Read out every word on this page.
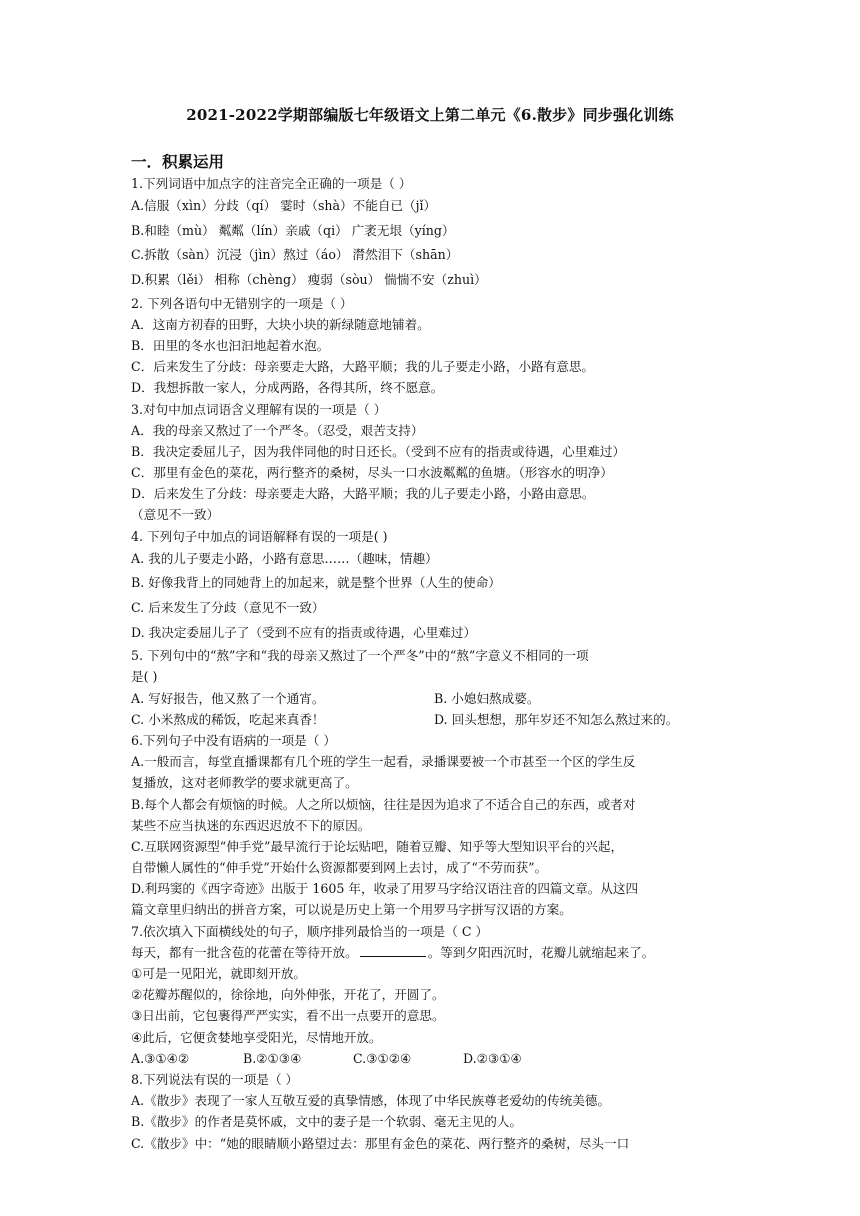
2021-2022学期部编版七年级语文上第二单元《6.散步》同步强化训练
一．积累运用
1.下列词语中加点字的注音完全正确的一项是（ ）
A.信服（xìn）分歧（qí） 霎时（shà）不能自已（jǐ）
B.和睦（mù） 粼粼（lín）亲戚（qi） 广袤无垠（yíng）
C.拆散（sàn）沉浸（jìn）熬过（áo） 潸然泪下（shān）
D.积累（lěi） 相称（chèng） 瘦弱（sòu） 惴惴不安（zhuì）
2. 下列各语句中无错别字的一项是（ ）
A．这南方初春的田野，大块小块的新绿随意地铺着。
B．田里的冬水也汩汩地起着水泡。
C．后来发生了分歧：母亲要走大路，大路平顺；我的儿子要走小路，小路有意思。
D．我想拆散一家人，分成两路，各得其所，终不愿意。
3.对句中加点词语含义理解有误的一项是（ ）
A．我的母亲又熬过了一个严冬。（忍受，艰苦支持）
B．我决定委屈儿子，因为我伴同他的时日还长。（受到不应有的指责或待遇，心里难过）
C．那里有金色的菜花，两行整齐的桑树，尽头一口水波粼粼的鱼塘。（形容水的明净）
D．后来发生了分歧：母亲要走大路，大路平顺；我的儿子要走小路，小路由意思。
（意见不一致）
4. 下列句子中加点的词语解释有误的一项是( )
A. 我的儿子要走小路，小路有意思……（趣味，情趣）
B. 好像我背上的同她背上的加起来，就是整个世界（人生的使命）
C. 后来发生了分歧（意见不一致）
D. 我决定委屈儿子了（受到不应有的指责或待遇，心里难过）
5. 下列句中的“熬”字和“我的母亲又熬过了一个严冬”中的“熬”字意义不相同的一项
是( )
A. 写好报告，他又熬了一个通宵。	B. 小媳妇熬成婆。
C. 小米熬成的稀饭，吃起来真香！	D. 回头想想，那年岁还不知怎么熬过来的。
6.下列句子中没有语病的一项是（ ）
A.一般而言，每堂直播课都有几个班的学生一起看，录播课要被一个市甚至一个区的学生反
复播放，这对老师教学的要求就更高了。
B.每个人都会有烦恼的时候。人之所以烦恼，往往是因为追求了不适合自己的东西，或者对
某些不应当执迷的东西迟迟放不下的原因。
C.互联网资源型“伸手党”最早流行于论坛贴吧，随着豆瓣、知乎等大型知识平台的兴起，
自带懒人属性的“伸手党”开始什么资源都要到网上去讨，成了“不劳而获”。
D.利玛窦的《西字奇迹》出版于 1605 年，收录了用罗马字给汉语注音的四篇文章。从这四
篇文章里归纳出的拼音方案，可以说是历史上第一个用罗马字拼写汉语的方案。
7.依次填入下面横线处的句子，顺序排列最恰当的一项是（ C ）
每天，都有一批含苞的花蕾在等待开放。	。等到夕阳西沉时，花瓣儿就缩起来了。
①可是一见阳光，就即刻开放。
②花瓣苏醒似的，徐徐地，向外伸张，开花了，开圆了。
③日出前，它包裹得严严实实，看不出一点要开的意思。
④此后，它便贪婪地享受阳光，尽情地开放。
A.③①④②	B.②①③④	C.③①②④	D.②③①④
8.下列说法有误的一项是（ ）
A.《散步》表现了一家人互敬互爱的真挚情感，体现了中华民族尊老爱幼的传统美德。
B.《散步》的作者是莫怀戚，文中的妻子是一个软弱、毫无主见的人。
C.《散步》中：“她的眼睛顺小路望过去：那里有金色的菜花、两行整齐的桑树，尽头一口
